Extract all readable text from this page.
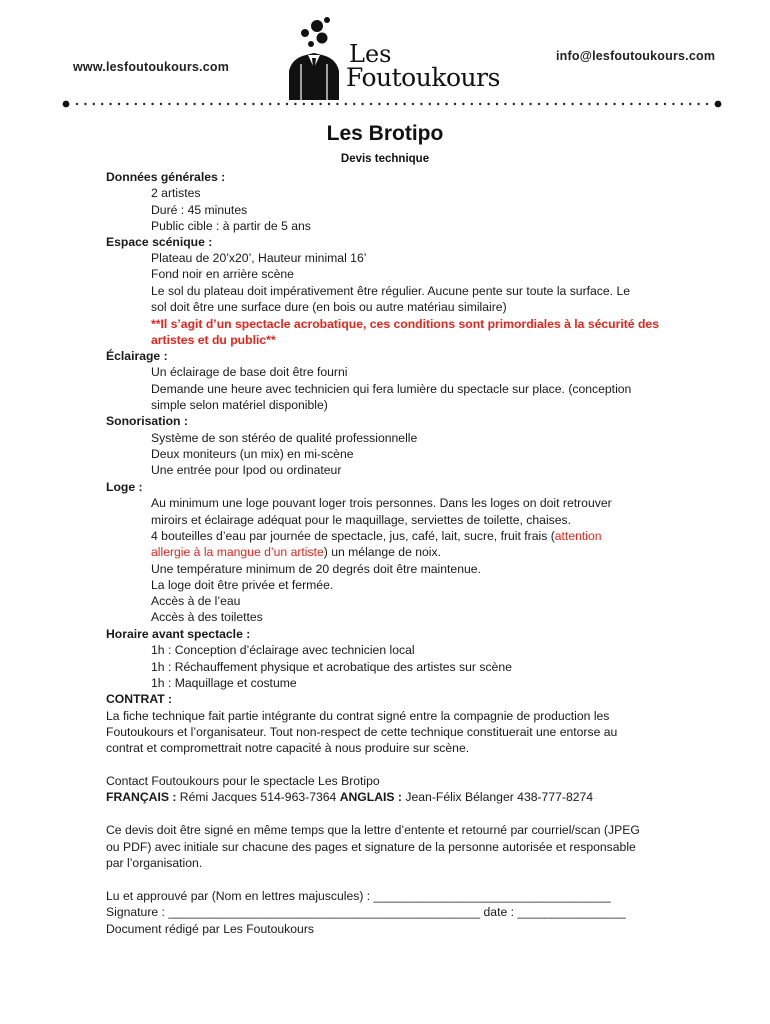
www.lesfoutoukours.com
info@lesfoutoukours.com
Les
Foutoukours
Les Brotipo
Devis technique
Données générales :
2 artistes
Duré : 45 minutes
Public cible : à partir de 5 ans
Espace scénique :
Plateau de 20’x20’, Hauteur minimal 16’
Fond noir en arrière scène
Le sol du plateau doit impérativement être régulier. Aucune pente sur toute la surface. Le
sol doit être une surface dure (en bois ou autre matériau similaire)
**Il s’agit d’un spectacle acrobatique, ces conditions sont primordiales à la sécurité des
artistes et du public**
Éclairage :
Un éclairage de base doit être fourni
Demande une heure avec technicien qui fera lumière du spectacle sur place. (conception
simple selon matériel disponible)
Sonorisation :
Système de son stéréo de qualité professionnelle
Deux moniteurs (un mix) en mi-scène
Une entrée pour Ipod ou ordinateur
Loge :
Au minimum une loge pouvant loger trois personnes. Dans les loges on doit retrouver
miroirs et éclairage adéquat pour le maquillage, serviettes de toilette, chaises.
4 bouteilles d’eau par journée de spectacle, jus, café, lait, sucre, fruit frais (attention
allergie à la mangue d’un artiste) un mélange de noix.
Une température minimum de 20 degrés doit être maintenue.
La loge doit être privée et fermée.
Accès à de l’eau
Accès à des toilettes
Horaire avant spectacle :
1h : Conception d’éclairage avec technicien local
1h : Réchauffement physique et acrobatique des artistes sur scène
1h : Maquillage et costume
CONTRAT :
La fiche technique fait partie intégrante du contrat signé entre la compagnie de production les
Foutoukours et l’organisateur. Tout non-respect de cette technique constituerait une entorse au
contrat et compromettrait notre capacité à nous produire sur scène.
Contact Foutoukours pour le spectacle Les Brotipo
FRANÇAIS : Rémi Jacques 514-963-7364 ANGLAIS : Jean-Félix Bélanger 438-777-8274
Ce devis doit être signé en même temps que la lettre d’entente et retourné par courriel/scan (JPEG
ou PDF) avec initiale sur chacune des pages et signature de la personne autorisée et responsable
par l’organisation.
Lu et approuvé par (Nom en lettres majuscules) : ___________________________________
Signature : ______________________________________________ date : ________________
Document rédigé par Les Foutoukours
